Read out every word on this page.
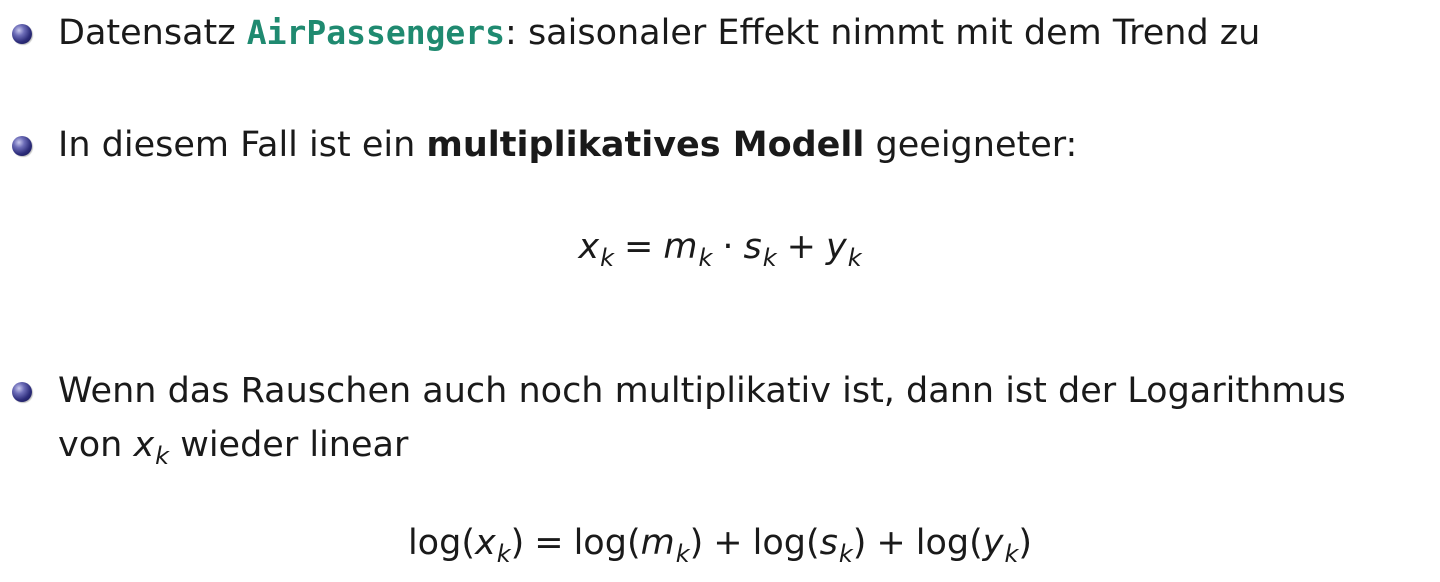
Datensatz AirPassengers: saisonaler Effekt nimmt mit dem Trend zu
In diesem Fall ist ein multiplikatives Modell geeigneter:
$x_k = m_k \cdot s_k + y_k$
Wenn das Rauschen auch noch multiplikativ ist, dann ist der Logarithmus
von $x_k$ wieder linear
$\log(x_k) = \log(m_k) + \log(s_k) + \log(y_k)$
